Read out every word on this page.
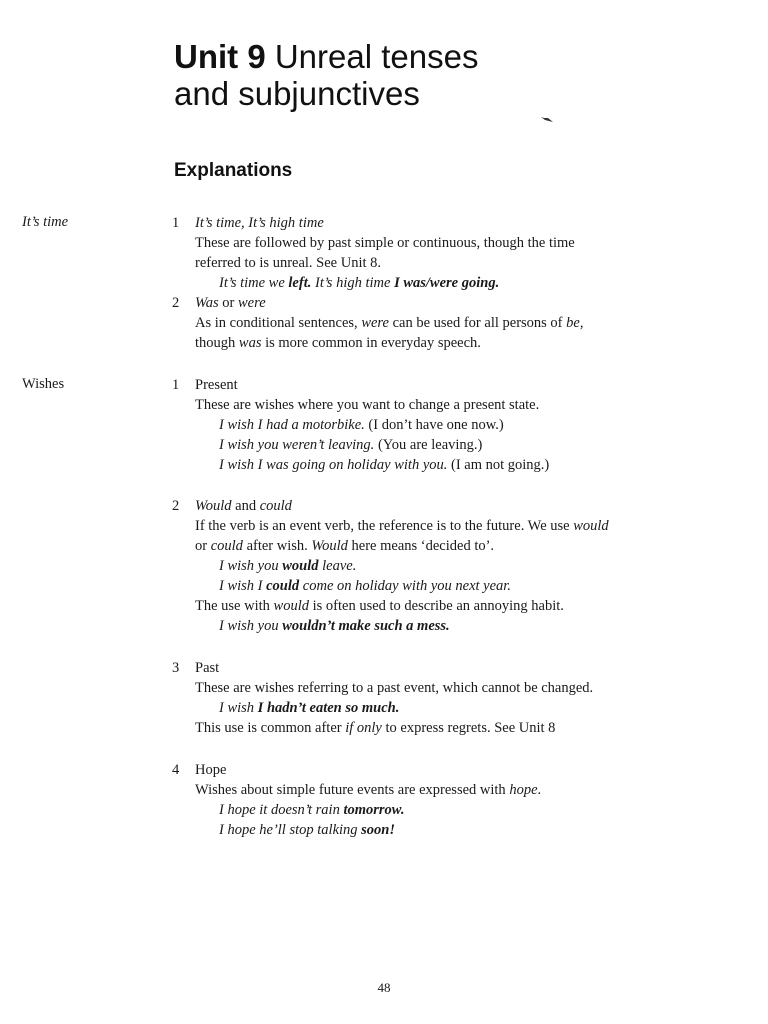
Unit 9 Unreal tenses
and subjunctives
Explanations
It’s time	1 It’s time, It’s high time
These are followed by past simple or continuous, though the time
referred to is unreal. See Unit 8.
It’s time we left. It’s high time I was/were going.
2 Was or were
As in conditional sentences, were can be used for all persons of be,
though was is more common in everyday speech.
Wishes	1 Present
These are wishes where you want to change a present state.
I wish I had a motorbike. (I don’t have one now.)
I wish you weren’t leaving. (You are leaving.)
I wish I was going on holiday with you. (I am not going.)
2 Would and could
If the verb is an event verb, the reference is to the future. We use would
or could after wish. Would here means ‘decided to’.
I wish you would leave.
I wish I could come on holiday with you next year.
The use with would is often used to describe an annoying habit.
I wish you wouldn’t make such a mess.
3 Past
These are wishes referring to a past event, which cannot be changed.
I wish I hadn’t eaten so much.
This use is common after if only to express regrets. See Unit 8
4 Hope
Wishes about simple future events are expressed with hope.
I hope it doesn’t rain tomorrow.
I hope he’ll stop talking soon!
48
